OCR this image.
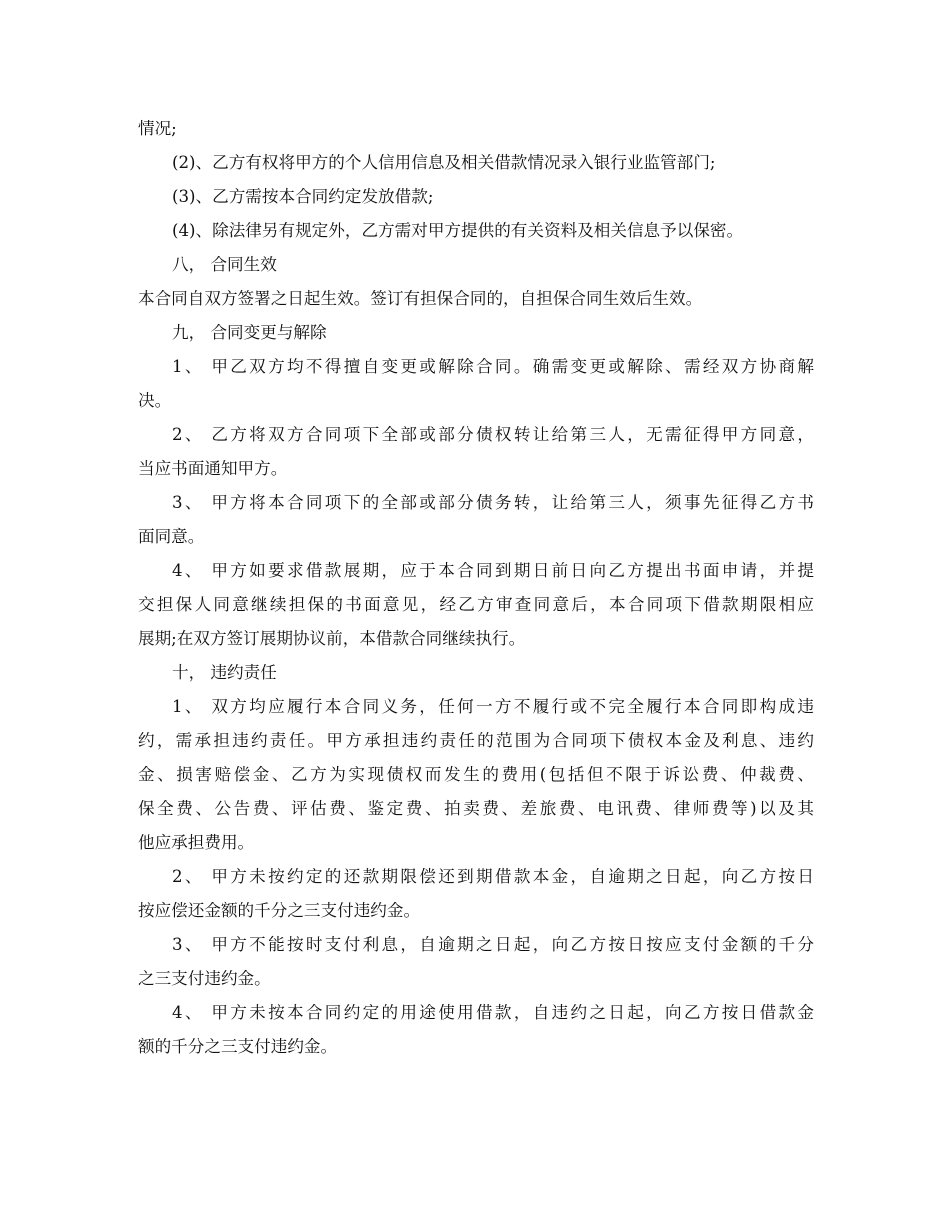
情况;
(2)、乙方有权将甲方的个人信用信息及相关借款情况录入银行业监管部门;
(3)、乙方需按本合同约定发放借款;
(4)、除法律另有规定外，乙方需对甲方提供的有关资料及相关信息予以保密。
八， 合同生效
本合同自双方签署之日起生效。签订有担保合同的，自担保合同生效后生效。
九， 合同变更与解除
1、 甲乙双方均不得擅自变更或解除合同。确需变更或解除、需经双方协商解
决。
2、 乙方将双方合同项下全部或部分债权转让给第三人，无需征得甲方同意，
当应书面通知甲方。
3、 甲方将本合同项下的全部或部分债务转，让给第三人，须事先征得乙方书
面同意。
4、 甲方如要求借款展期，应于本合同到期日前日向乙方提出书面申请，并提
交担保人同意继续担保的书面意见，经乙方审查同意后，本合同项下借款期限相应
展期;在双方签订展期协议前，本借款合同继续执行。
十， 违约责任
1、 双方均应履行本合同义务，任何一方不履行或不完全履行本合同即构成违
约，需承担违约责任。甲方承担违约责任的范围为合同项下债权本金及利息、违约
金、损害赔偿金、乙方为实现债权而发生的费用(包括但不限于诉讼费、仲裁费、
保全费、公告费、评估费、鉴定费、拍卖费、差旅费、电讯费、律师费等)以及其
他应承担费用。
2、 甲方未按约定的还款期限偿还到期借款本金，自逾期之日起，向乙方按日
按应偿还金额的千分之三支付违约金。
3、 甲方不能按时支付利息，自逾期之日起，向乙方按日按应支付金额的千分
之三支付违约金。
4、 甲方未按本合同约定的用途使用借款，自违约之日起，向乙方按日借款金
额的千分之三支付违约金。
